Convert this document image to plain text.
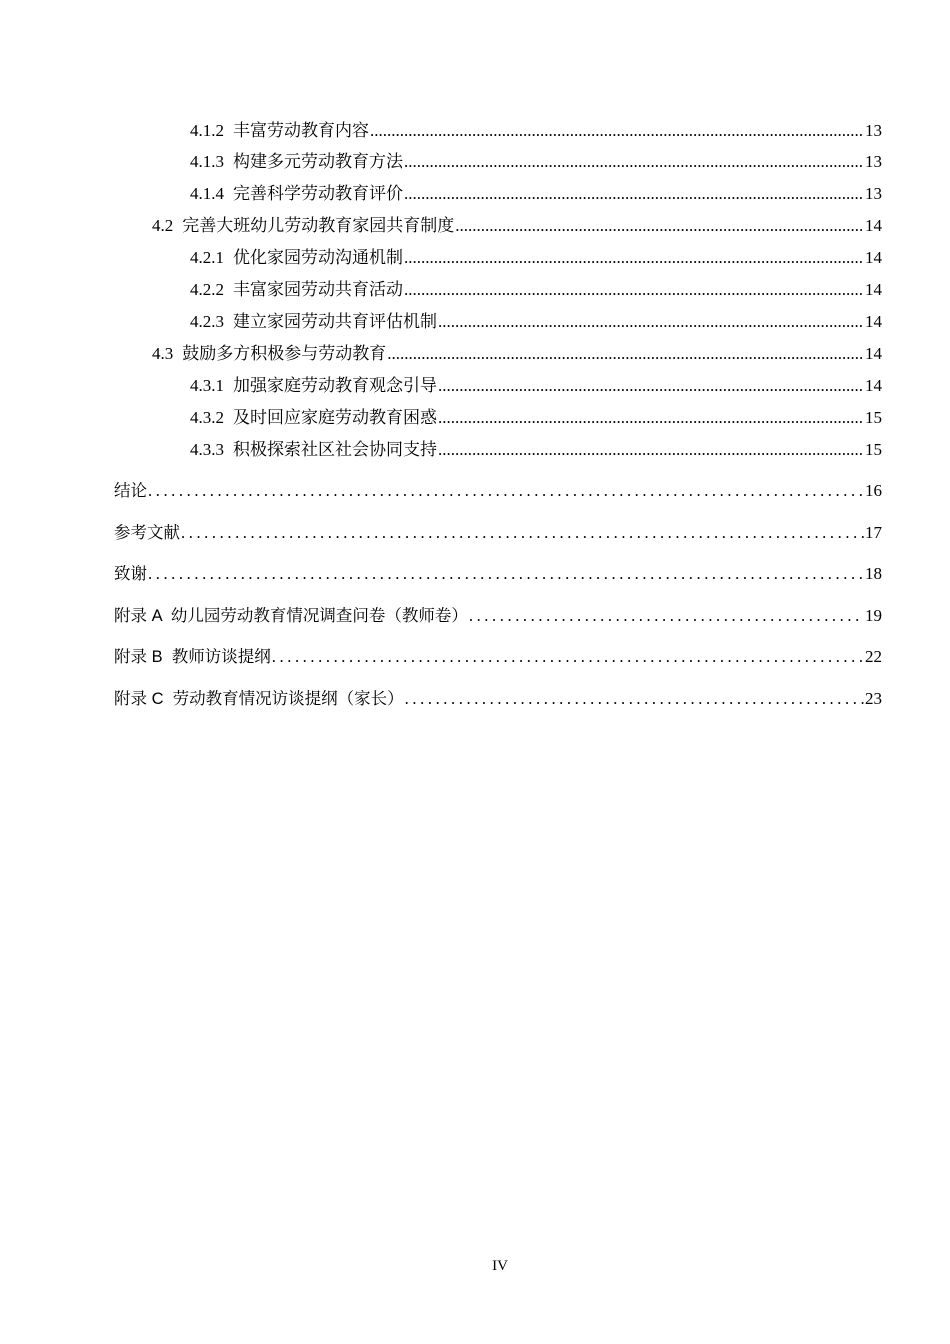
4.1.2 丰富劳动教育内容 .....	13
4.1.3 构建多元劳动教育方法 .....	13
4.1.4 完善科学劳动教育评价 .....	13
4.2 完善大班幼儿劳动教育家园共育制度 .....	14
4.2.1 优化家园劳动沟通机制 .....	14
4.2.2 丰富家园劳动共育活动 .....	14
4.2.3 建立家园劳动共育评估机制 .....	14
4.3 鼓励多方积极参与劳动教育 .....	14
4.3.1 加强家庭劳动教育观念引导 .....	14
4.3.2 及时回应家庭劳动教育困惑 .....	15
4.3.3 积极探索社区社会协同支持 .....	15
结论 .....	16
参考文献 .....	17
致谢 .....	18
附录 A  幼儿园劳动教育情况调查问卷（教师卷） .....	19
附录 B  教师访谈提纲 .....	22
附录 C  劳动教育情况访谈提纲（家长） .....	23
IV
